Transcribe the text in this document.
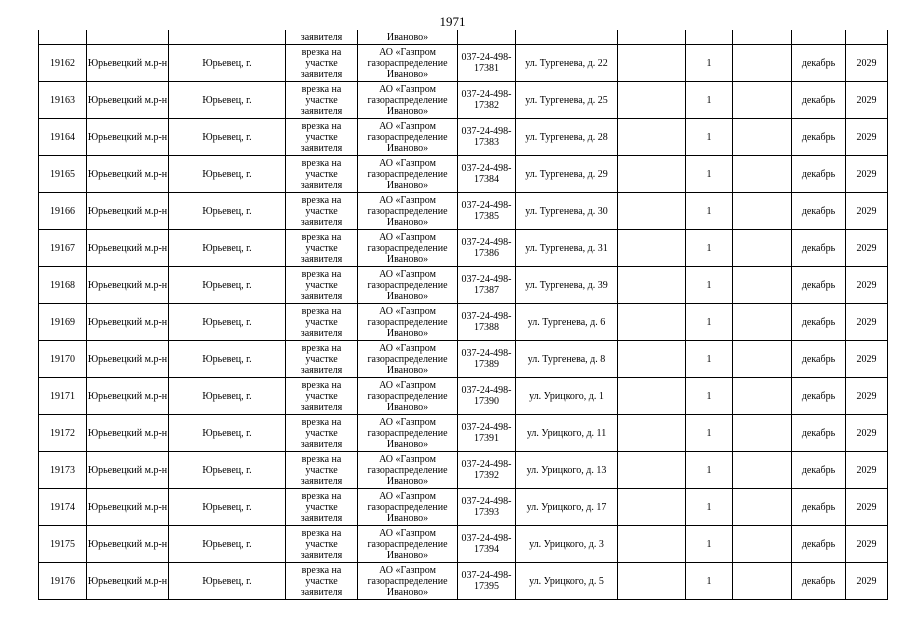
1971
			заявителя	Иваново»							
19162	Юрьевецкий м.р-н	Юрьевец, г.	врезка на участке заявителя	АО «Газпром газораспределение Иваново»	037-24-498-17381	ул. Тургенева, д. 22		1		декабрь	2029
19163	Юрьевецкий м.р-н	Юрьевец, г.	врезка на участке заявителя	АО «Газпром газораспределение Иваново»	037-24-498-17382	ул. Тургенева, д. 25		1		декабрь	2029
19164	Юрьевецкий м.р-н	Юрьевец, г.	врезка на участке заявителя	АО «Газпром газораспределение Иваново»	037-24-498-17383	ул. Тургенева, д. 28		1		декабрь	2029
19165	Юрьевецкий м.р-н	Юрьевец, г.	врезка на участке заявителя	АО «Газпром газораспределение Иваново»	037-24-498-17384	ул. Тургенева, д. 29		1		декабрь	2029
19166	Юрьевецкий м.р-н	Юрьевец, г.	врезка на участке заявителя	АО «Газпром газораспределение Иваново»	037-24-498-17385	ул. Тургенева, д. 30		1		декабрь	2029
19167	Юрьевецкий м.р-н	Юрьевец, г.	врезка на участке заявителя	АО «Газпром газораспределение Иваново»	037-24-498-17386	ул. Тургенева, д. 31		1		декабрь	2029
19168	Юрьевецкий м.р-н	Юрьевец, г.	врезка на участке заявителя	АО «Газпром газораспределение Иваново»	037-24-498-17387	ул. Тургенева, д. 39		1		декабрь	2029
19169	Юрьевецкий м.р-н	Юрьевец, г.	врезка на участке заявителя	АО «Газпром газораспределение Иваново»	037-24-498-17388	ул. Тургенева, д. 6		1		декабрь	2029
19170	Юрьевецкий м.р-н	Юрьевец, г.	врезка на участке заявителя	АО «Газпром газораспределение Иваново»	037-24-498-17389	ул. Тургенева, д. 8		1		декабрь	2029
19171	Юрьевецкий м.р-н	Юрьевец, г.	врезка на участке заявителя	АО «Газпром газораспределение Иваново»	037-24-498-17390	ул. Урицкого, д. 1		1		декабрь	2029
19172	Юрьевецкий м.р-н	Юрьевец, г.	врезка на участке заявителя	АО «Газпром газораспределение Иваново»	037-24-498-17391	ул. Урицкого, д. 11		1		декабрь	2029
19173	Юрьевецкий м.р-н	Юрьевец, г.	врезка на участке заявителя	АО «Газпром газораспределение Иваново»	037-24-498-17392	ул. Урицкого, д. 13		1		декабрь	2029
19174	Юрьевецкий м.р-н	Юрьевец, г.	врезка на участке заявителя	АО «Газпром газораспределение Иваново»	037-24-498-17393	ул. Урицкого, д. 17		1		декабрь	2029
19175	Юрьевецкий м.р-н	Юрьевец, г.	врезка на участке заявителя	АО «Газпром газораспределение Иваново»	037-24-498-17394	ул. Урицкого, д. 3		1		декабрь	2029
19176	Юрьевецкий м.р-н	Юрьевец, г.	врезка на участке заявителя	АО «Газпром газораспределение Иваново»	037-24-498-17395	ул. Урицкого, д. 5		1		декабрь	2029
